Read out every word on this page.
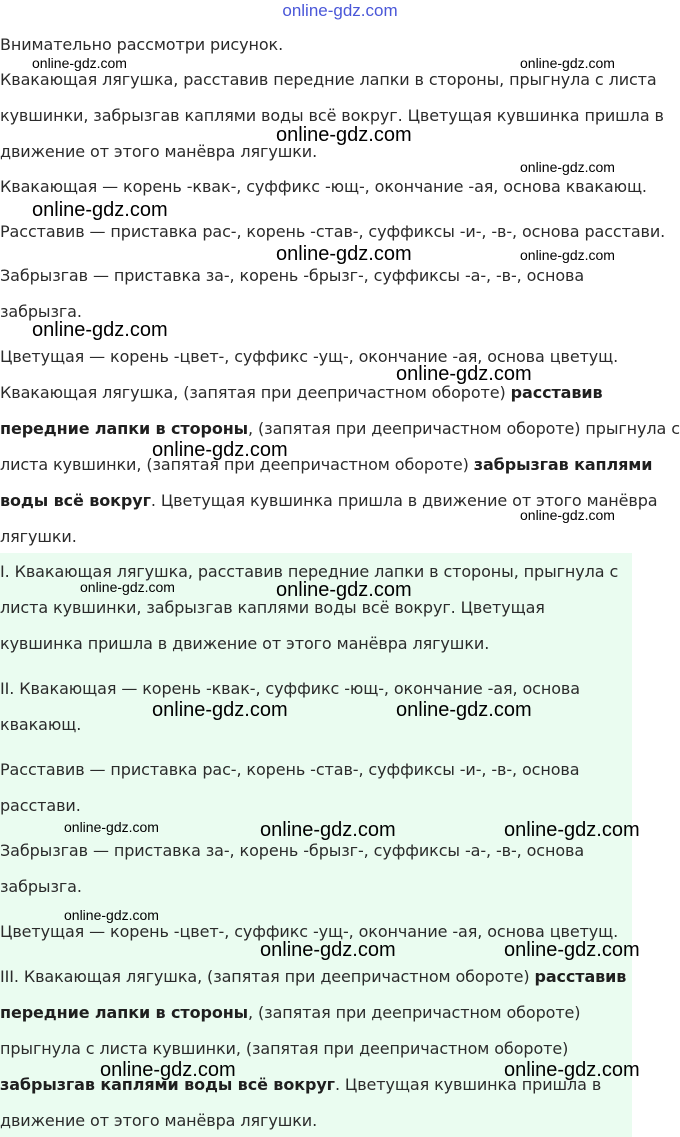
online-gdz.com
Внимательно рассмотри рисунок.
Квакающая лягушка, расставив передние лапки в стороны, прыгнула с листа
кувшинки, забрызгав каплями воды всё вокруг. Цветущая кувшинка пришла в
движение от этого манёвра лягушки.
Квакающая — корень -квак-, суффикс -ющ-, окончание -ая, основа квакающ.
Расставив — приставка рас-, корень -став-, суффиксы -и-, -в-, основа расстави.
Забрызгав — приставка за-, корень -брызг-, суффиксы -а-, -в-, основа
забрызга.
Цветущая — корень -цвет-, суффикс -ущ-, окончание -ая, основа цветущ.
Квакающая лягушка, (запятая при деепричастном обороте) расставив
передние лапки в стороны, (запятая при деепричастном обороте) прыгнула с
листа кувшинки, (запятая при деепричастном обороте) забрызгав каплями
воды всё вокруг. Цветущая кувшинка пришла в движение от этого манёвра
лягушки.
I. Квакающая лягушка, расставив передние лапки в стороны, прыгнула с
листа кувшинки, забрызгав каплями воды всё вокруг. Цветущая
кувшинка пришла в движение от этого манёвра лягушки.
II. Квакающая — корень -квак-, суффикс -ющ-, окончание -ая, основа
квакающ.
Расставив — приставка рас-, корень -став-, суффиксы -и-, -в-, основа
расстави.
Забрызгав — приставка за-, корень -брызг-, суффиксы -а-, -в-, основа
забрызга.
Цветущая — корень -цвет-, суффикс -ущ-, окончание -ая, основа цветущ.
III. Квакающая лягушка, (запятая при деепричастном обороте) расставив
передние лапки в стороны, (запятая при деепричастном обороте)
прыгнула с листа кувшинки, (запятая при деепричастном обороте)
забрызгав каплями воды всё вокруг. Цветущая кувшинка пришла в
движение от этого манёвра лягушки.
online-gdz.com	online-gdz.com
online-gdz.com
online-gdz.com
online-gdz.com
online-gdz.com	online-gdz.com
online-gdz.com
online-gdz.com
online-gdz.com
online-gdz.com
online-gdz.com	online-gdz.com
online-gdz.com	online-gdz.com
online-gdz.com	online-gdz.com	online-gdz.com
online-gdz.com
online-gdz.com	online-gdz.com
online-gdz.com	online-gdz.com
